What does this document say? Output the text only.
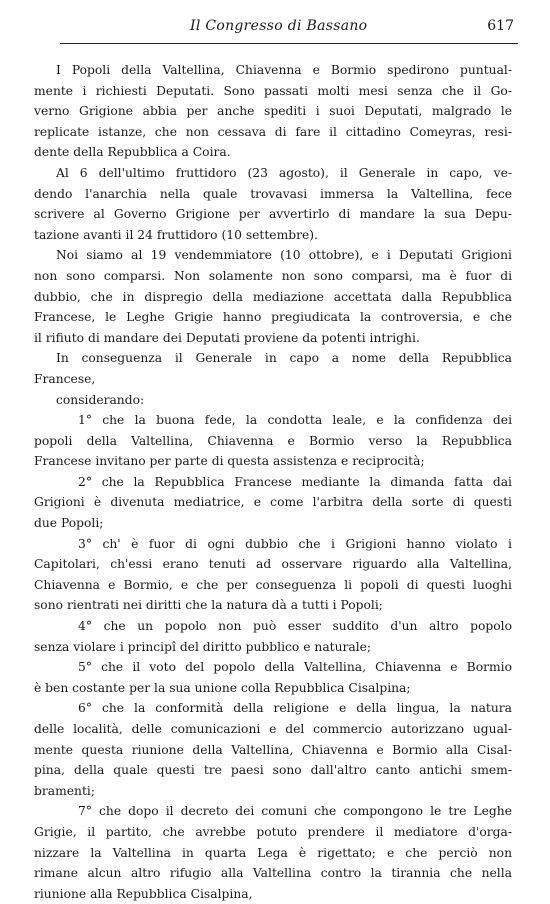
Il Congresso di Bassano	617
I Popoli della Valtellina, Chiavenna e Bormio spedirono puntual-
mente i richiesti Deputati. Sono passati molti mesi senza che il Go-
verno Grigione abbia per anche spediti i suoi Deputati, malgrado le
replicate istanze, che non cessava di fare il cittadino Comeyras, resi-
dente della Repubblica a Coira.
Al 6 dell'ultimo fruttidoro (23 agosto), il Generale in capo, ve-
dendo l'anarchia nella quale trovavasi immersa la Valtellina, fece
scrivere al Governo Grigione per avvertirlo di mandare la sua Depu-
tazione avanti il 24 fruttidoro (10 settembre).
Noi siamo al 19 vendemmiatore (10 ottobre), e i Deputati Grigioni
non sono comparsi. Non solamente non sono comparsi, ma è fuor di
dubbio, che in dispregio della mediazione accettata dalla Repubblica
Francese, le Leghe Grigie hanno pregiudicata la controversia, e che
il rifiuto di mandare dei Deputati proviene da potenti intrighi.
In conseguenza il Generale in capo a nome della Repubblica
Francese,
considerando:
1° che la buona fede, la condotta leale, e la confidenza dei
popoli della Valtellina, Chiavenna e Bormio verso la Repubblica
Francese invitano per parte di questa assistenza e reciprocità;
2° che la Repubblica Francese mediante la dimanda fatta dai
Grigioni è divenuta mediatrice, e come l'arbitra della sorte di questi
due Popoli;
3° ch' è fuor di ogni dubbio che i Grigioni hanno violato i
Capitolari, ch'essi erano tenuti ad osservare riguardo alla Valtellina,
Chiavenna e Bormio, e che per conseguenza li popoli di questi luoghi
sono rientrati nei diritti che la natura dà a tutti i Popoli;
4° che un popolo non può esser suddito d'un altro popolo
senza violare i principî del diritto pubblico e naturale;
5° che il voto del popolo della Valtellina, Chiavenna e Bormio
è ben costante per la sua unione colla Repubblica Cisalpina;
6° che la conformità della religione e della lingua, la natura
delle località, delle comunicazioni e del commercio autorizzano ugual-
mente questa riunione della Valtellina, Chiavenna e Bormio alla Cisal-
pina, della quale questi tre paesi sono dall'altro canto antichi smem-
bramenti;
7° che dopo il decreto dei comuni che compongono le tre Leghe
Grigie, il partito, che avrebbe potuto prendere il mediatore d'orga-
nizzare la Valtellina in quarta Lega è rigettato; e che perciò non
rimane alcun altro rifugio alla Valtellina contro la tirannia che nella
riunione alla Repubblica Cisalpina,
